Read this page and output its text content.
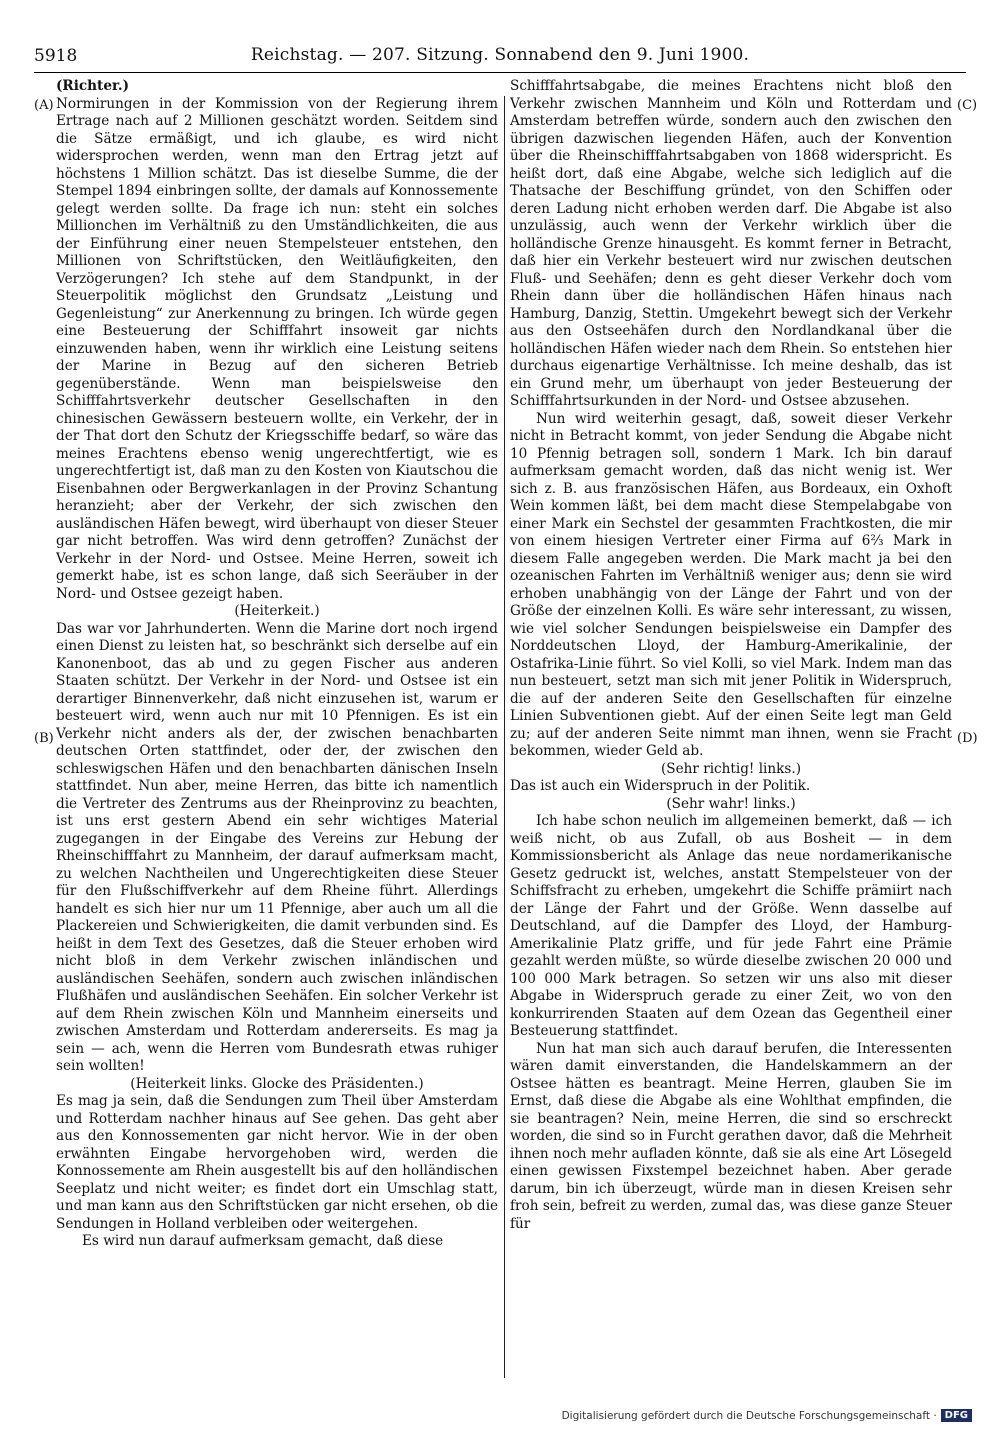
5918	Reichstag. — 207. Sitzung. Sonnabend den 9. Juni 1900.
(A)
(B)
(C)
(D)

(Richter.)

Normirungen in der Kommission von der Regierung ihrem Ertrage nach auf 2 Millionen geschätzt worden. Seitdem sind die Sätze ermäßigt, und ich glaube, es wird nicht widersprochen werden, wenn man den Ertrag jetzt auf höchstens 1 Million schätzt. Das ist dieselbe Summe, die der Stempel 1894 einbringen sollte, der damals auf Konnossemente gelegt werden sollte. Da frage ich nun: steht ein solches Millionchen im Verhältniß zu den Umständlichkeiten, die aus der Einführung einer neuen Stempelsteuer entstehen, den Millionen von Schriftstücken, den Weitläufigkeiten, den Verzögerungen? Ich stehe auf dem Standpunkt, in der Steuerpolitik möglichst den Grundsatz „Leistung und Gegenleistung“ zur Anerkennung zu bringen. Ich würde gegen eine Besteuerung der Schifffahrt insoweit gar nichts einzuwenden haben, wenn ihr wirklich eine Leistung seitens der Marine in Bezug auf den sicheren Betrieb gegenüberstände. Wenn man beispielsweise den Schifffahrtsverkehr deutscher Gesellschaften in den chinesischen Gewässern besteuern wollte, ein Verkehr, der in der That dort den Schutz der Kriegsschiffe bedarf, so wäre das meines Erachtens ebenso wenig ungerechtfertigt, wie es ungerechtfertigt ist, daß man zu den Kosten von Kiautschou die Eisenbahnen oder Bergwerkanlagen in der Provinz Schantung heranzieht; aber der Verkehr, der sich zwischen den ausländischen Häfen bewegt, wird überhaupt von dieser Steuer gar nicht betroffen. Was wird denn getroffen? Zunächst der Verkehr in der Nord- und Ostsee. Meine Herren, soweit ich gemerkt habe, ist es schon lange, daß sich Seeräuber in der Nord- und Ostsee gezeigt haben.

(Heiterkeit.)

Das war vor Jahrhunderten. Wenn die Marine dort noch irgend einen Dienst zu leisten hat, so beschränkt sich derselbe auf ein Kanonenboot, das ab und zu gegen Fischer aus anderen Staaten schützt. Der Verkehr in der Nord- und Ostsee ist ein derartiger Binnenverkehr, daß nicht einzusehen ist, warum er besteuert wird, wenn auch nur mit 10 Pfennigen. Es ist ein Verkehr nicht anders als der, der zwischen benachbarten deutschen Orten stattfindet, oder der, der zwischen den schleswigschen Häfen und den benachbarten dänischen Inseln stattfindet. Nun aber, meine Herren, das bitte ich namentlich die Vertreter des Zentrums aus der Rheinprovinz zu beachten, ist uns erst gestern Abend ein sehr wichtiges Material zugegangen in der Eingabe des Vereins zur Hebung der Rheinschifffahrt zu Mannheim, der darauf aufmerksam macht, zu welchen Nachtheilen und Ungerechtigkeiten diese Steuer für den Flußschiffverkehr auf dem Rheine führt. Allerdings handelt es sich hier nur um 11 Pfennige, aber auch um all die Plackereien und Schwierigkeiten, die damit verbunden sind. Es heißt in dem Text des Gesetzes, daß die Steuer erhoben wird nicht bloß in dem Verkehr zwischen inländischen und ausländischen Seehäfen, sondern auch zwischen inländischen Flußhäfen und ausländischen Seehäfen. Ein solcher Verkehr ist auf dem Rhein zwischen Köln und Mannheim einerseits und zwischen Amsterdam und Rotterdam andererseits. Es mag ja sein — ach, wenn die Herren vom Bundesrath etwas ruhiger sein wollten!

(Heiterkeit links. Glocke des Präsidenten.)

Es mag ja sein, daß die Sendungen zum Theil über Amsterdam und Rotterdam nachher hinaus auf See gehen. Das geht aber aus den Konnossementen gar nicht hervor. Wie in der oben erwähnten Eingabe hervorgehoben wird, werden die Konnossemente am Rhein ausgestellt bis auf den holländischen Seeplatz und nicht weiter; es findet dort ein Umschlag statt, und man kann aus den Schriftstücken gar nicht ersehen, ob die Sendungen in Holland verbleiben oder weitergehen.

Es wird nun darauf aufmerksam gemacht, daß diese

Schifffahrtsabgabe, die meines Erachtens nicht bloß den Verkehr zwischen Mannheim und Köln und Rotterdam und Amsterdam betreffen würde, sondern auch den zwischen den übrigen dazwischen liegenden Häfen, auch der Konvention über die Rheinschifffahrtsabgaben von 1868 widerspricht. Es heißt dort, daß eine Abgabe, welche sich lediglich auf die Thatsache der Beschiffung gründet, von den Schiffen oder deren Ladung nicht erhoben werden darf. Die Abgabe ist also unzulässig, auch wenn der Verkehr wirklich über die holländische Grenze hinausgeht. Es kommt ferner in Betracht, daß hier ein Verkehr besteuert wird nur zwischen deutschen Fluß- und Seehäfen; denn es geht dieser Verkehr doch vom Rhein dann über die holländischen Häfen hinaus nach Hamburg, Danzig, Stettin. Umgekehrt bewegt sich der Verkehr aus den Ostseehäfen durch den Nordlandkanal über die holländischen Häfen wieder nach dem Rhein. So entstehen hier durchaus eigenartige Verhältnisse. Ich meine deshalb, das ist ein Grund mehr, um überhaupt von jeder Besteuerung der Schifffahrtsurkunden in der Nord- und Ostsee abzusehen.

Nun wird weiterhin gesagt, daß, soweit dieser Verkehr nicht in Betracht kommt, von jeder Sendung die Abgabe nicht 10 Pfennig betragen soll, sondern 1 Mark. Ich bin darauf aufmerksam gemacht worden, daß das nicht wenig ist. Wer sich z. B. aus französischen Häfen, aus Bordeaux, ein Oxhoft Wein kommen läßt, bei dem macht diese Stempelabgabe von einer Mark ein Sechstel der gesammten Frachtkosten, die mir von einem hiesigen Vertreter einer Firma auf 6⅔ Mark in diesem Falle angegeben werden. Die Mark macht ja bei den ozeanischen Fahrten im Verhältniß weniger aus; denn sie wird erhoben unabhängig von der Länge der Fahrt und von der Größe der einzelnen Kolli. Es wäre sehr interessant, zu wissen, wie viel solcher Sendungen beispielsweise ein Dampfer des Norddeutschen Lloyd, der Hamburg-Amerikalinie, der Ostafrika-Linie führt. So viel Kolli, so viel Mark. Indem man das nun besteuert, setzt man sich mit jener Politik in Widerspruch, die auf der anderen Seite den Gesellschaften für einzelne Linien Subventionen giebt. Auf der einen Seite legt man Geld zu; auf der anderen Seite nimmt man ihnen, wenn sie Fracht bekommen, wieder Geld ab.

(Sehr richtig! links.)

Das ist auch ein Widerspruch in der Politik.

(Sehr wahr! links.)

Ich habe schon neulich im allgemeinen bemerkt, daß — ich weiß nicht, ob aus Zufall, ob aus Bosheit — in dem Kommissionsbericht als Anlage das neue nordamerikanische Gesetz gedruckt ist, welches, anstatt Stempelsteuer von der Schiffsfracht zu erheben, umgekehrt die Schiffe prämiirt nach der Länge der Fahrt und der Größe. Wenn dasselbe auf Deutschland, auf die Dampfer des Lloyd, der Hamburg-Amerikalinie Platz griffe, und für jede Fahrt eine Prämie gezahlt werden müßte, so würde dieselbe zwischen 20 000 und 100 000 Mark betragen. So setzen wir uns also mit dieser Abgabe in Widerspruch gerade zu einer Zeit, wo von den konkurrirenden Staaten auf dem Ozean das Gegentheil einer Besteuerung stattfindet.

Nun hat man sich auch darauf berufen, die Interessenten wären damit einverstanden, die Handelskammern an der Ostsee hätten es beantragt. Meine Herren, glauben Sie im Ernst, daß diese die Abgabe als eine Wohlthat empfinden, die sie beantragen? Nein, meine Herren, die sind so erschreckt worden, die sind so in Furcht gerathen davor, daß die Mehrheit ihnen noch mehr aufladen könnte, daß sie als eine Art Lösegeld einen gewissen Fixstempel bezeichnet haben. Aber gerade darum, bin ich überzeugt, würde man in diesen Kreisen sehr froh sein, befreit zu werden, zumal das, was diese ganze Steuer für

Digitalisierung gefördert durch die Deutsche Forschungsgemeinschaft · DFG
